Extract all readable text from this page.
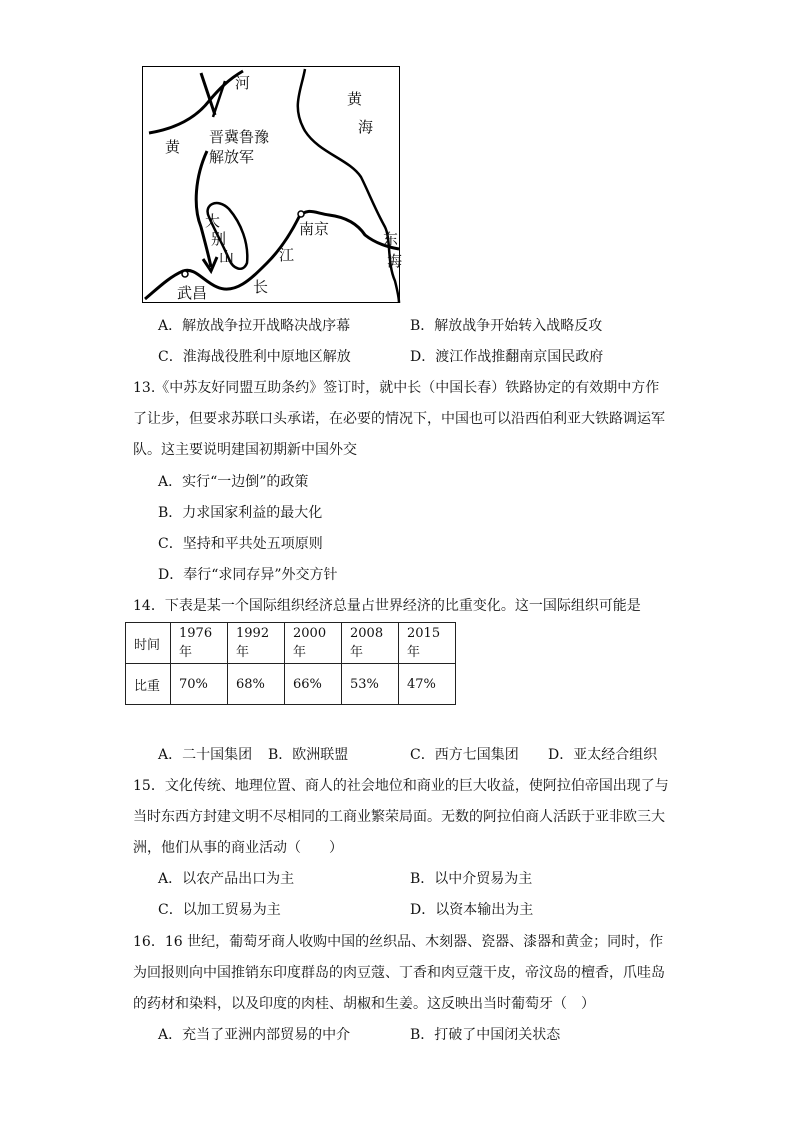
河
黄
黄
海
晋冀鲁豫
解放军
大
别
山
南京
江
东
海
武昌	长
A．解放战争拉开战略决战序幕	B．解放战争开始转入战略反攻
C．淮海战役胜利中原地区解放	D．渡江作战推翻南京国民政府
13.《中苏友好同盟互助条约》签订时，就中长（中国长春）铁路协定的有效期中方作
了让步，但要求苏联口头承诺，在必要的情况下，中国也可以沿西伯利亚大铁路调运军
队。这主要说明建国初期新中国外交
A．实行“一边倒”的政策
B．力求国家利益的最大化
C．坚持和平共处五项原则
D．奉行“求同存异”外交方针
14．下表是某一个国际组织经济总量占世界经济的比重变化。这一国际组织可能是
时间	1976 年	1992 年	2000 年	2008 年	2015 年
比重	70%	68%	66%	53%	47%
A．二十国集团 B．欧洲联盟	C．西方七国集团 D．亚太经合组织
15．文化传统、地理位置、商人的社会地位和商业的巨大收益，使阿拉伯帝国出现了与
当时东西方封建文明不尽相同的工商业繁荣局面。无数的阿拉伯商人活跃于亚非欧三大
洲，他们从事的商业活动（　　）
A．以农产品出口为主	B．以中介贸易为主
C．以加工贸易为主	D．以资本输出为主
16．16 世纪，葡萄牙商人收购中国的丝织品、木刻器、瓷器、漆器和黄金；同时，作
为回报则向中国推销东印度群岛的肉豆蔻、丁香和肉豆蔻干皮，帝汶岛的檀香，爪哇岛
的药材和染料，以及印度的肉桂、胡椒和生姜。这反映出当时葡萄牙（　）
A．充当了亚洲内部贸易的中介	B．打破了中国闭关状态
